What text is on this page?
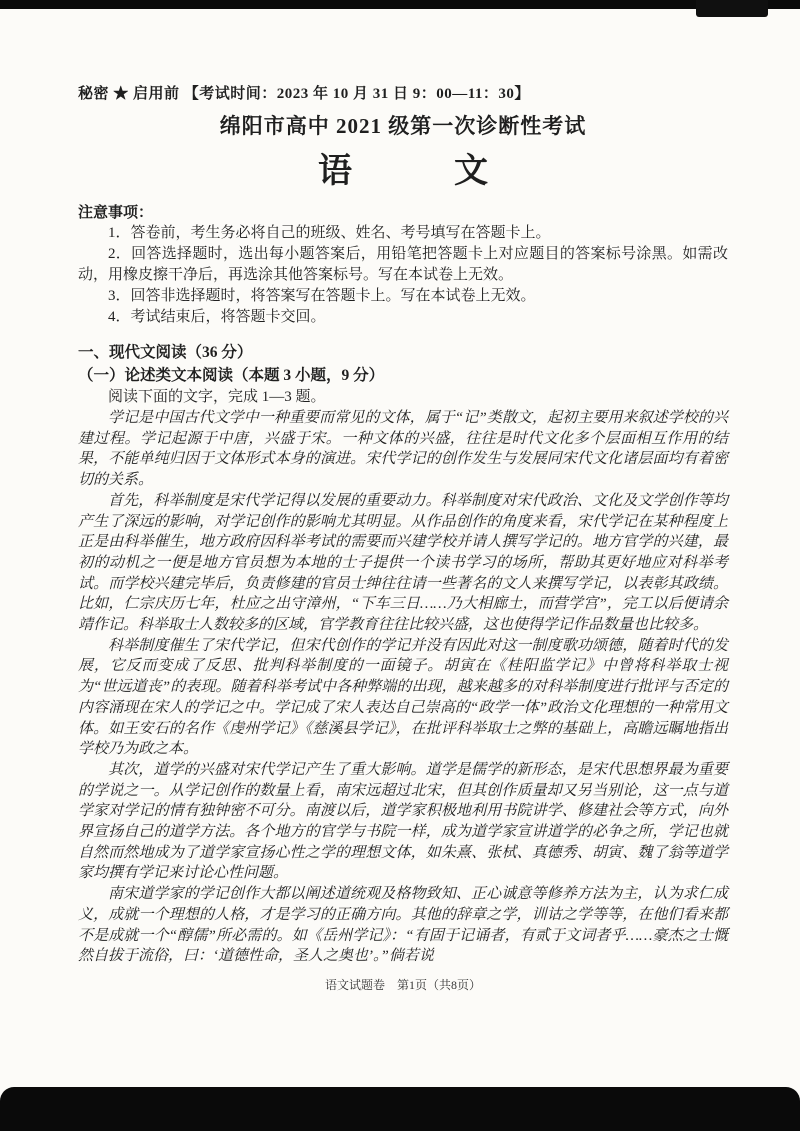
秘密 ★ 启用前 【考试时间：2023 年 10 月 31 日 9：00—11：30】

绵阳市高中 2021 级第一次诊断性考试
语　　　文

注意事项：

1．答卷前，考生务必将自己的班级、姓名、考号填写在答题卡上。

2．回答选择题时，选出每小题答案后，用铅笔把答题卡上对应题目的答案标号涂黑。如需改动，用橡皮擦干净后，再选涂其他答案标号。写在本试卷上无效。

3．回答非选择题时，将答案写在答题卡上。写在本试卷上无效。

4．考试结束后，将答题卡交回。

一、现代文阅读（36 分）

（一）论述类文本阅读（本题 3 小题，9 分）

阅读下面的文字，完成 1—3 题。

学记是中国古代文学中一种重要而常见的文体，属于“记”类散文，起初主要用来叙述学校的兴建过程。学记起源于中唐，兴盛于宋。一种文体的兴盛，往往是时代文化多个层面相互作用的结果，不能单纯归因于文体形式本身的演进。宋代学记的创作发生与发展同宋代文化诸层面均有着密切的关系。

首先，科举制度是宋代学记得以发展的重要动力。科举制度对宋代政治、文化及文学创作等均产生了深远的影响，对学记创作的影响尤其明显。从作品创作的角度来看，宋代学记在某种程度上正是由科举催生，地方政府因科举考试的需要而兴建学校并请人撰写学记的。地方官学的兴建，最初的动机之一便是地方官员想为本地的士子提供一个读书学习的场所，帮助其更好地应对科举考试。而学校兴建完毕后，负责修建的官员士绅往往请一些著名的文人来撰写学记，以表彰其政绩。比如，仁宗庆历七年，杜应之出守漳州，“下车三日……乃大相廊土，而营学宫”，完工以后便请余靖作记。科举取士人数较多的区域，官学教育往往比较兴盛，这也使得学记作品数量也比较多。

科举制度催生了宋代学记，但宋代创作的学记并没有因此对这一制度歌功颂德，随着时代的发展，它反而变成了反思、批判科举制度的一面镜子。胡寅在《桂阳监学记》中曾将科举取士视为“世远道丧”的表现。随着科举考试中各种弊端的出现，越来越多的对科举制度进行批评与否定的内容涌现在宋人的学记之中。学记成了宋人表达自己崇高的“政学一体”政治文化理想的一种常用文体。如王安石的名作《虔州学记》《慈溪县学记》，在批评科举取士之弊的基础上，高瞻远瞩地指出学校乃为政之本。

其次，道学的兴盛对宋代学记产生了重大影响。道学是儒学的新形态，是宋代思想界最为重要的学说之一。从学记创作的数量上看，南宋远超过北宋，但其创作质量却又另当别论，这一点与道学家对学记的情有独钟密不可分。南渡以后，道学家积极地利用书院讲学、修建社会等方式，向外界宣扬自己的道学方法。各个地方的官学与书院一样，成为道学家宣讲道学的必争之所，学记也就自然而然地成为了道学家宣扬心性之学的理想文体，如朱熹、张栻、真德秀、胡寅、魏了翁等道学家均撰有学记来讨论心性问题。

南宋道学家的学记创作大都以阐述道统观及格物致知、正心诚意等修养方法为主，认为求仁成义，成就一个理想的人格，才是学习的正确方向。其他的辞章之学，训诂之学等等，在他们看来都不是成就一个“醇儒”所必需的。如《岳州学记》：“有固于记诵者，有贰于文词者乎……豪杰之士慨然自拔于流俗，曰：‘道德性命，圣人之奥也’。”倘若说

语文试题卷　第1页（共8页）
